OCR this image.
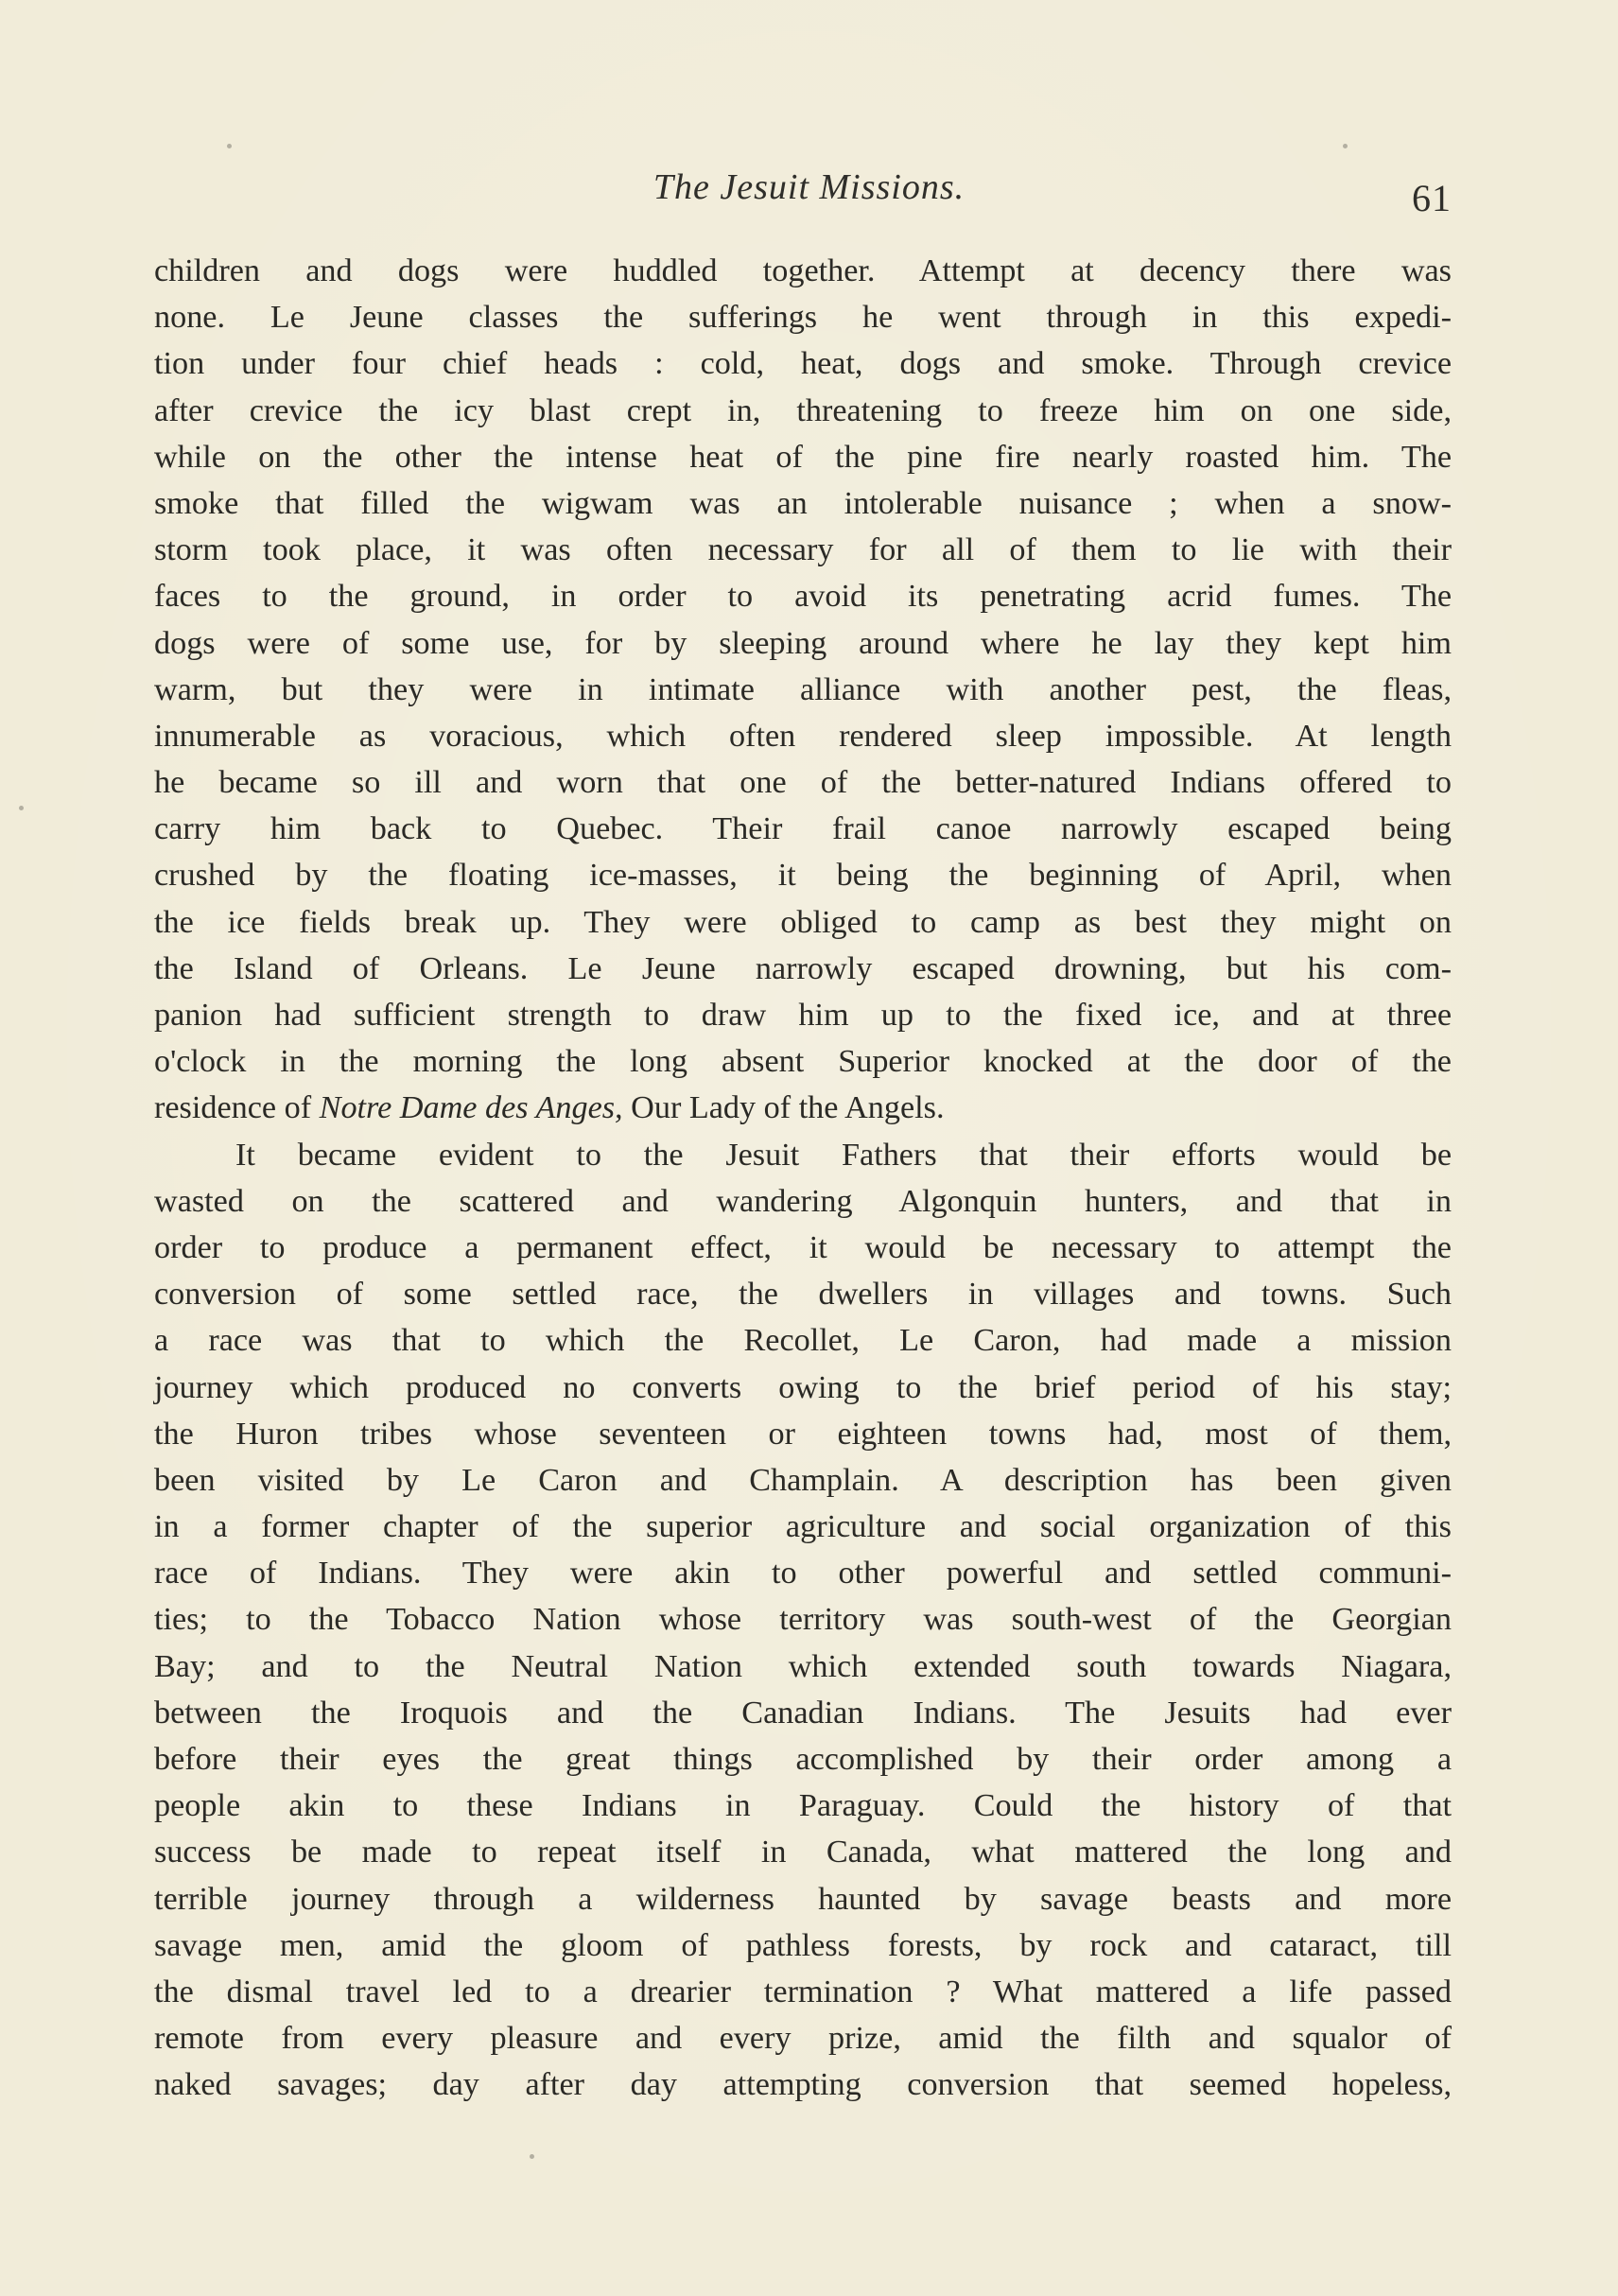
The Jesuit Missions.	61
children and dogs were huddled together. Attempt at decency there was
none. Le Jeune classes the sufferings he went through in this expedi-
tion under four chief heads : cold, heat, dogs and smoke. Through crevice
after crevice the icy blast crept in, threatening to freeze him on one side,
while on the other the intense heat of the pine fire nearly roasted him. The
smoke that filled the wigwam was an intolerable nuisance ; when a snow-
storm took place, it was often necessary for all of them to lie with their
faces to the ground, in order to avoid its penetrating acrid fumes. The
dogs were of some use, for by sleeping around where he lay they kept him
warm, but they were in intimate alliance with another pest, the fleas,
innumerable as voracious, which often rendered sleep impossible. At length
he became so ill and worn that one of the better-natured Indians offered to
carry him back to Quebec. Their frail canoe narrowly escaped being
crushed by the floating ice-masses, it being the beginning of April, when
the ice fields break up. They were obliged to camp as best they might on
the Island of Orleans. Le Jeune narrowly escaped drowning, but his com-
panion had sufficient strength to draw him up to the fixed ice, and at three
o'clock in the morning the long absent Superior knocked at the door of the
residence of Notre Dame des Anges, Our Lady of the Angels.
It became evident to the Jesuit Fathers that their efforts would be
wasted on the scattered and wandering Algonquin hunters, and that in
order to produce a permanent effect, it would be necessary to attempt the
conversion of some settled race, the dwellers in villages and towns. Such
a race was that to which the Recollet, Le Caron, had made a mission
journey which produced no converts owing to the brief period of his stay;
the Huron tribes whose seventeen or eighteen towns had, most of them,
been visited by Le Caron and Champlain. A description has been given
in a former chapter of the superior agriculture and social organization of this
race of Indians. They were akin to other powerful and settled communi-
ties; to the Tobacco Nation whose territory was south-west of the Georgian
Bay; and to the Neutral Nation which extended south towards Niagara,
between the Iroquois and the Canadian Indians. The Jesuits had ever
before their eyes the great things accomplished by their order among a
people akin to these Indians in Paraguay. Could the history of that
success be made to repeat itself in Canada, what mattered the long and
terrible journey through a wilderness haunted by savage beasts and more
savage men, amid the gloom of pathless forests, by rock and cataract, till
the dismal travel led to a drearier termination ? What mattered a life passed
remote from every pleasure and every prize, amid the filth and squalor of
naked savages; day after day attempting conversion that seemed hopeless,
